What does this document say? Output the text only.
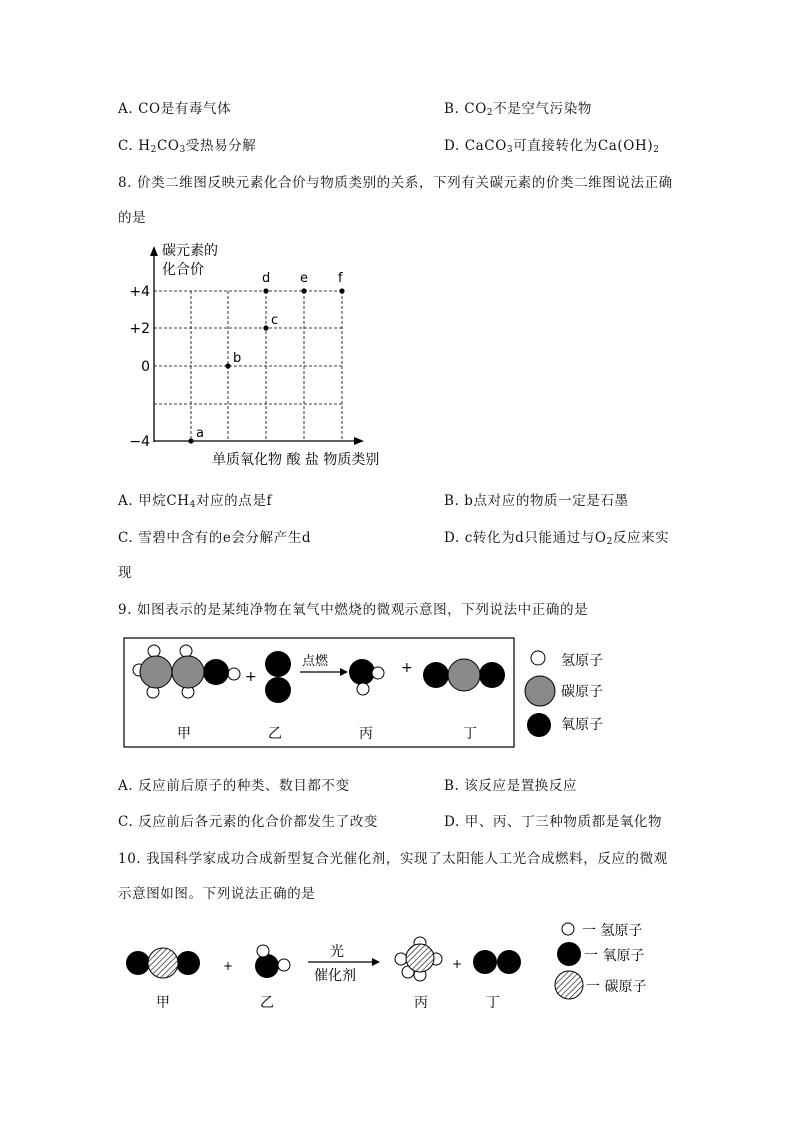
A. CO是有毒气体	B. $CO_2$不是空气污染物
C. $H_2CO_3$受热易分解	D. CaCO$_3$可直接转化为$Ca(OH)_2$
8. 价类二维图反映元素化合价与物质类别的关系，下列有关碳元素的价类二维图说法正确
的是
碳元素的
化合价
+4
+2
0
−4
a
b
c
d e f
单质氧化物 酸 盐 物质类别
A. 甲烷$CH_4$对应的点是f	B. b点对应的物质一定是石墨
C. 雪碧中含有的e会分解产生d	D. c转化为d只能通过与$O_2$反应来实
现
9. 如图表示的是某纯净物在氧气中燃烧的微观示意图，下列说法中正确的是
+
点燃	+
甲	乙	丙	丁
氢原子
碳原子
氧原子
A. 反应前后原子的种类、数目都不变	B. 该反应是置换反应
C. 反应前后各元素的化合价都发生了改变	D. 甲、丙、丁三种物质都是氧化物
10. 我国科学家成功合成新型复合光催化剂，实现了太阳能人工光合成燃料，反应的微观
示意图如图。下列说法正确的是
+
光
催化剂
+
甲	乙	丙	丁
一 氢原子
一 氧原子
一 碳原子
